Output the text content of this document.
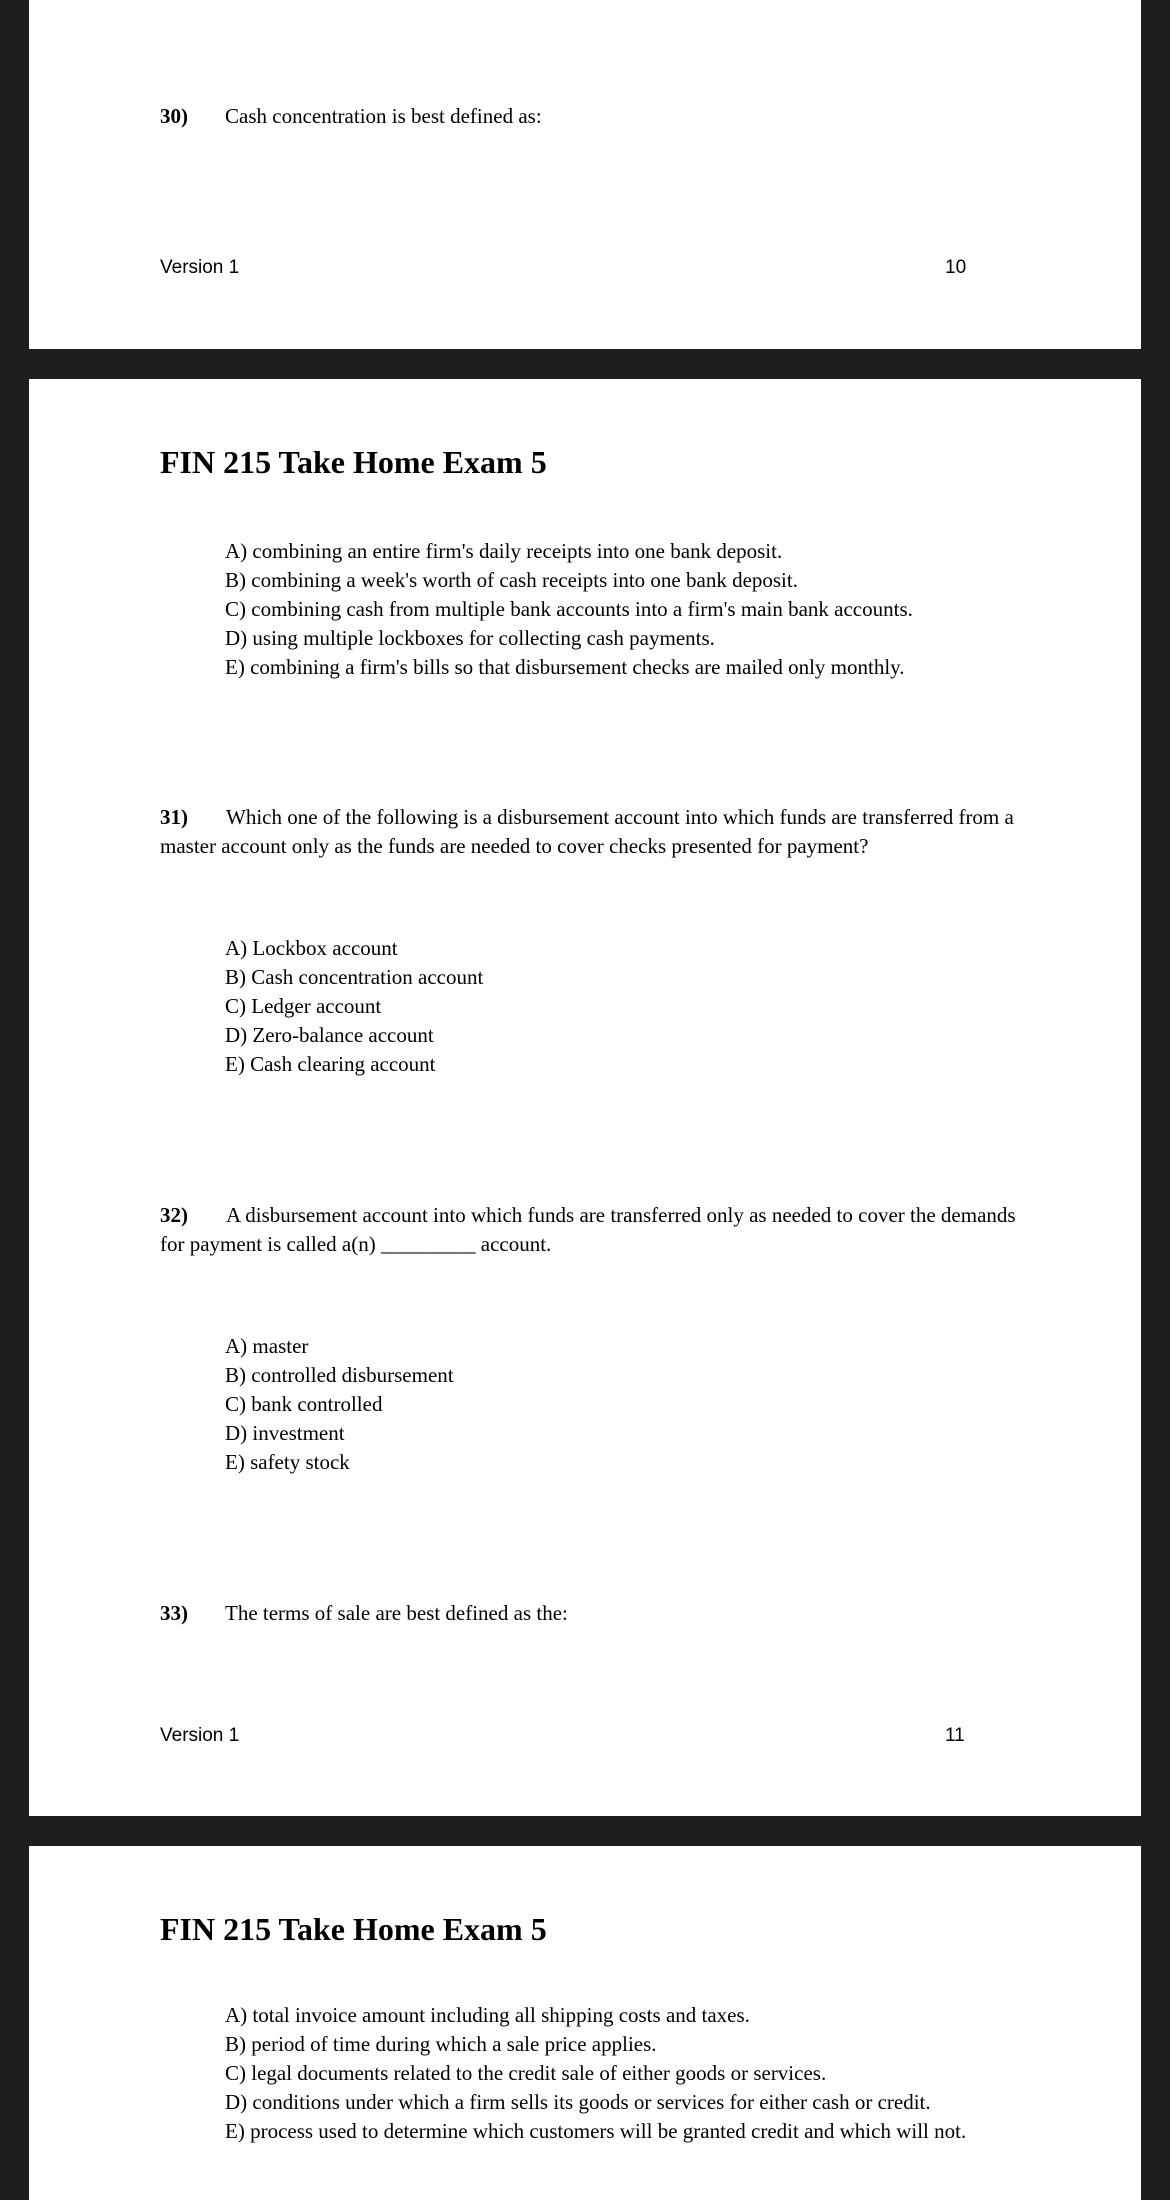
30) Cash concentration is best defined as:
Version 1	10
FIN 215 Take Home Exam 5
A) combining an entire firm's daily receipts into one bank deposit.
B) combining a week's worth of cash receipts into one bank deposit.
C) combining cash from multiple bank accounts into a firm's main bank accounts.
D) using multiple lockboxes for collecting cash payments.
E) combining a firm's bills so that disbursement checks are mailed only monthly.
31)	Which one of the following is a disbursement account into which funds are transferred from a master account only as the funds are needed to cover checks presented for payment?
A) Lockbox account
B) Cash concentration account
C) Ledger account
D) Zero-balance account
E) Cash clearing account
32)	A disbursement account into which funds are transferred only as needed to cover the demands for payment is called a(n) _________ account.
A) master
B) controlled disbursement
C) bank controlled
D) investment
E) safety stock
33) The terms of sale are best defined as the:
Version 1	11
FIN 215 Take Home Exam 5
A) total invoice amount including all shipping costs and taxes.
B) period of time during which a sale price applies.
C) legal documents related to the credit sale of either goods or services.
D) conditions under which a firm sells its goods or services for either cash or credit.
E) process used to determine which customers will be granted credit and which will not.
